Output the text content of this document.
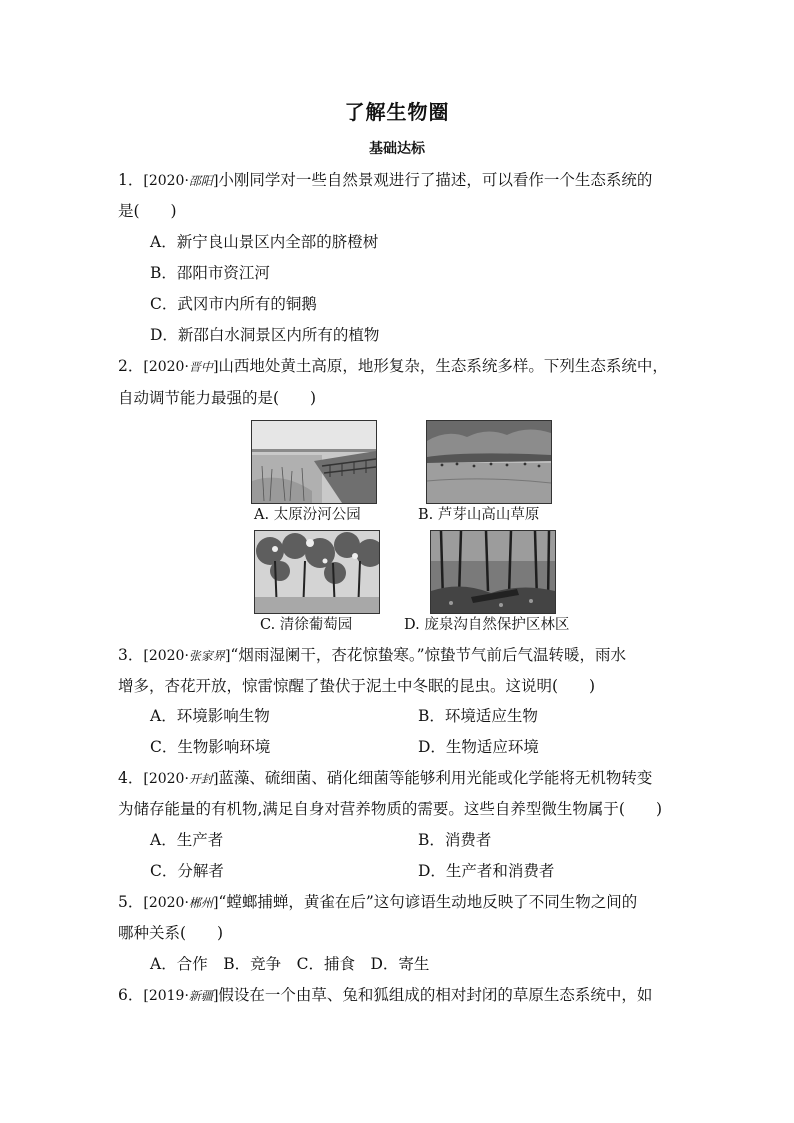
了解生物圈
基础达标
1．[2020·邵阳]小刚同学对一些自然景观进行了描述，可以看作一个生态系统的
是(　　)
A．新宁良山景区内全部的脐橙树
B．邵阳市资江河
C．武冈市内所有的铜鹅
D．新邵白水洞景区内所有的植物
2．[2020·晋中]山西地处黄土高原，地形复杂，生态系统多样。下列生态系统中，
自动调节能力最强的是(　　)
A. 太原汾河公园	B. 芦芽山高山草原
C. 清徐葡萄园	D. 庞泉沟自然保护区林区
3．[2020·张家界]“烟雨湿阑干，杏花惊蛰寒。”惊蛰节气前后气温转暖，雨水
增多，杏花开放，惊雷惊醒了蛰伏于泥土中冬眠的昆虫。这说明(　　)
A．环境影响生物	B．环境适应生物
C．生物影响环境	D．生物适应环境
4．[2020·开封]蓝藻、硫细菌、硝化细菌等能够利用光能或化学能将无机物转变
为储存能量的有机物,满足自身对营养物质的需要。这些自养型微生物属于(　　)
A．生产者	B．消费者
C．分解者	D．生产者和消费者
5．[2020·郴州]“螳螂捕蝉，黄雀在后”这句谚语生动地反映了不同生物之间的
哪种关系(　　)
A．合作　B．竞争　C．捕食　D．寄生
6．[2019·新疆]假设在一个由草、兔和狐组成的相对封闭的草原生态系统中，如
